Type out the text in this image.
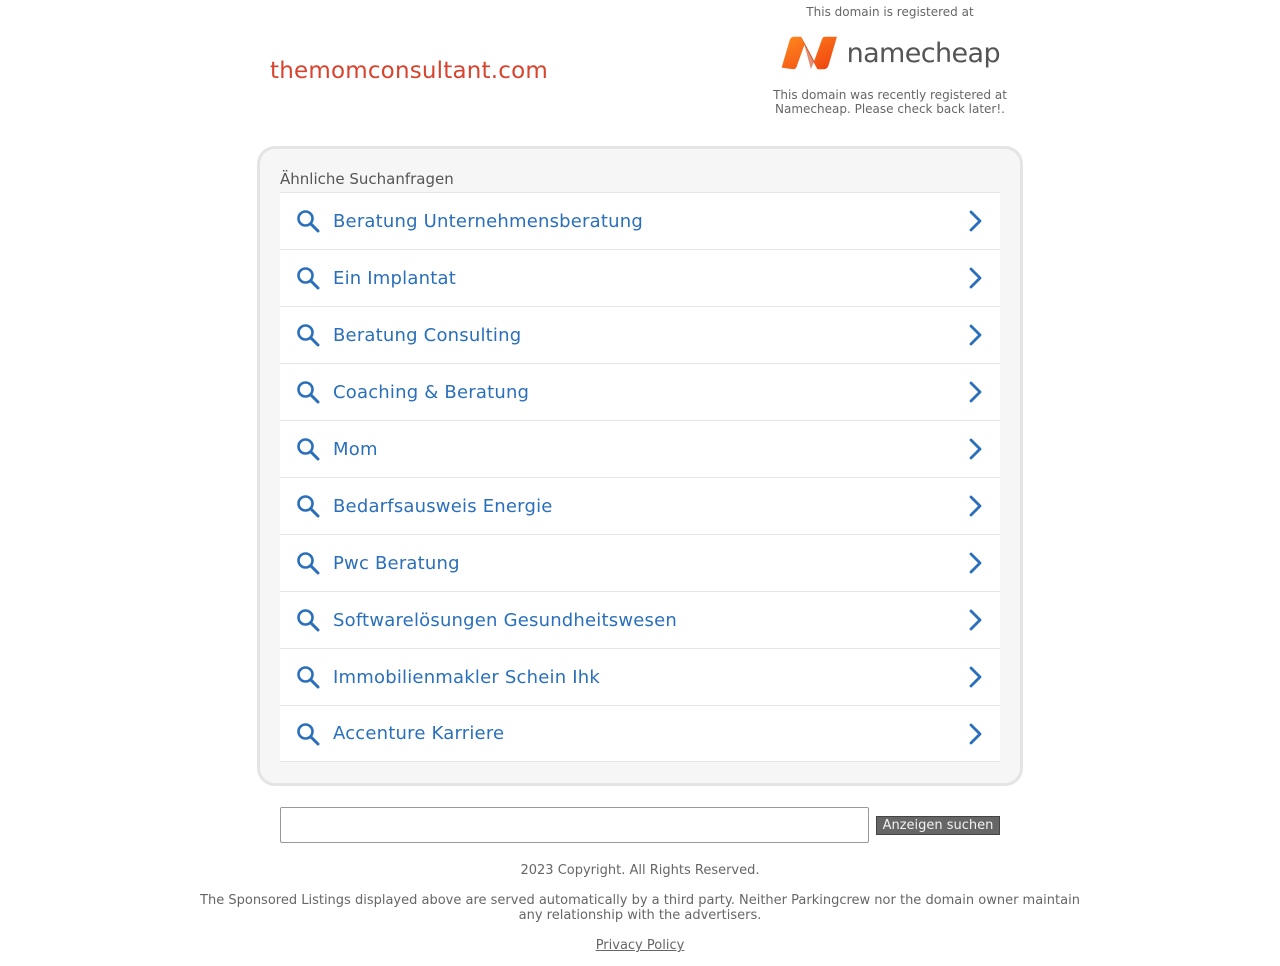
themomconsultant.com
This domain is registered at
namecheap
This domain was recently registered at Namecheap. Please check back later!.
Ähnliche Suchanfragen
Beratung Unternehmensberatung
Ein Implantat
Beratung Consulting
Coaching & Beratung
Mom
Bedarfsausweis Energie
Pwc Beratung
Softwarelösungen Gesundheitswesen
Immobilienmakler Schein Ihk
Accenture Karriere
Anzeigen suchen
2023 Copyright. All Rights Reserved.
The Sponsored Listings displayed above are served automatically by a third party. Neither Parkingcrew nor the domain owner maintain any relationship with the advertisers.
Privacy Policy
